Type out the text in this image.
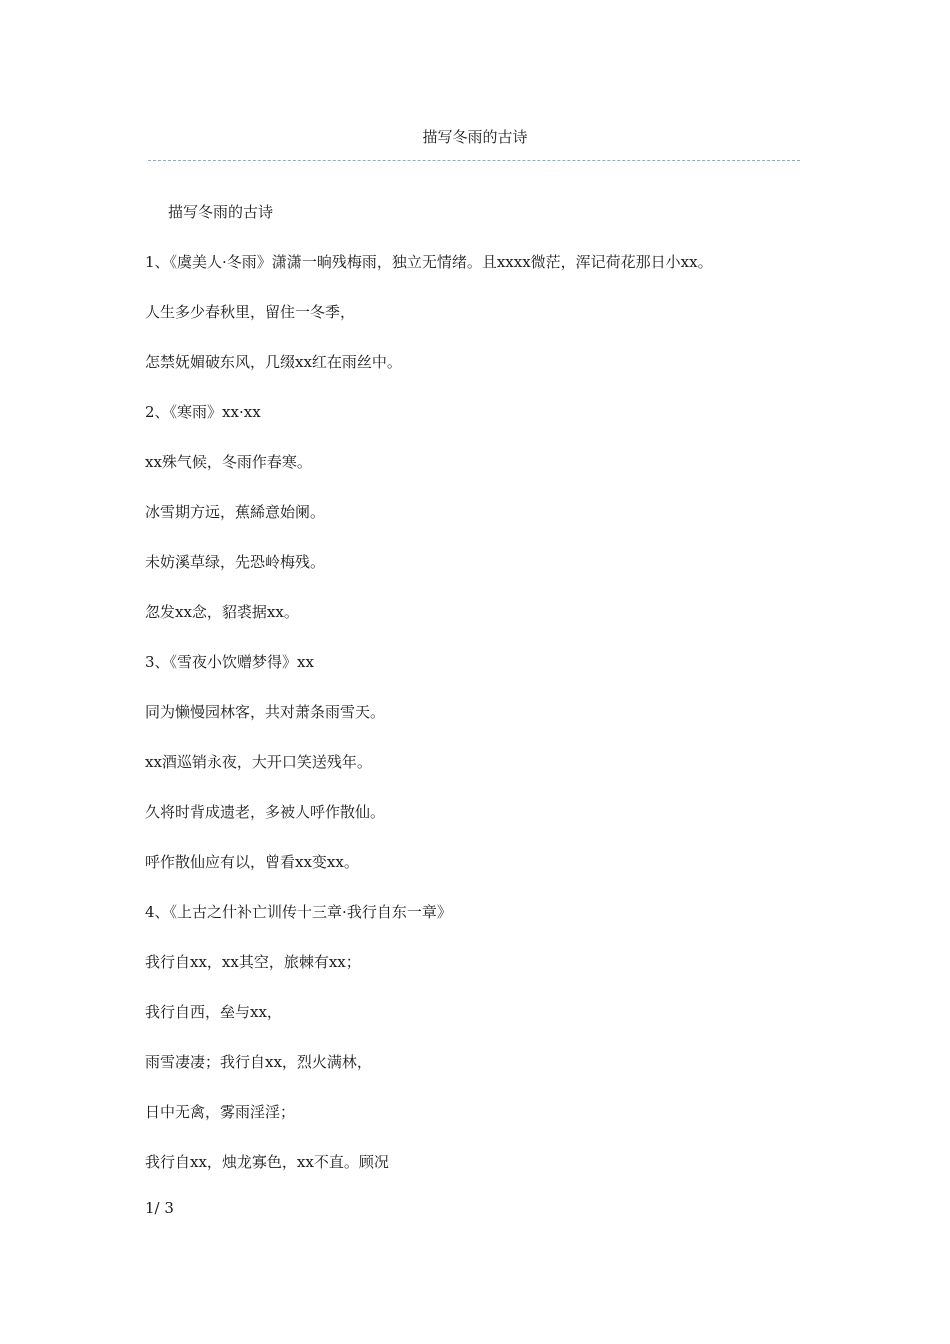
描写冬雨的古诗
描写冬雨的古诗
1、《虞美人·冬雨》潇潇一晌残梅雨，独立无情绪。且xxxx微茫，浑记荷花那日小xx。
人生多少春秋里，留住一冬季，
怎禁妩媚破东风，几缀xx红在雨丝中。
2、《寒雨》xx·xx
xx殊气候，冬雨作春寒。
冰雪期方远，蕉絺意始阑。
未妨溪草绿，先恐岭梅残。
忽发xx念，貂裘据xx。
3、《雪夜小饮赠梦得》xx
同为懒慢园林客，共对萧条雨雪天。
xx酒巡销永夜，大开口笑送残年。
久将时背成遗老，多被人呼作散仙。
呼作散仙应有以，曾看xx变xx。
4、《上古之什补亡训传十三章·我行自东一章》
我行自xx，xx其空，旅棘有xx；
我行自西，垒与xx，
雨雪凄凄；我行自xx，烈火满林，
日中无禽，雾雨淫淫；
我行自xx，烛龙寡色，xx不直。顾况
1/ 3
